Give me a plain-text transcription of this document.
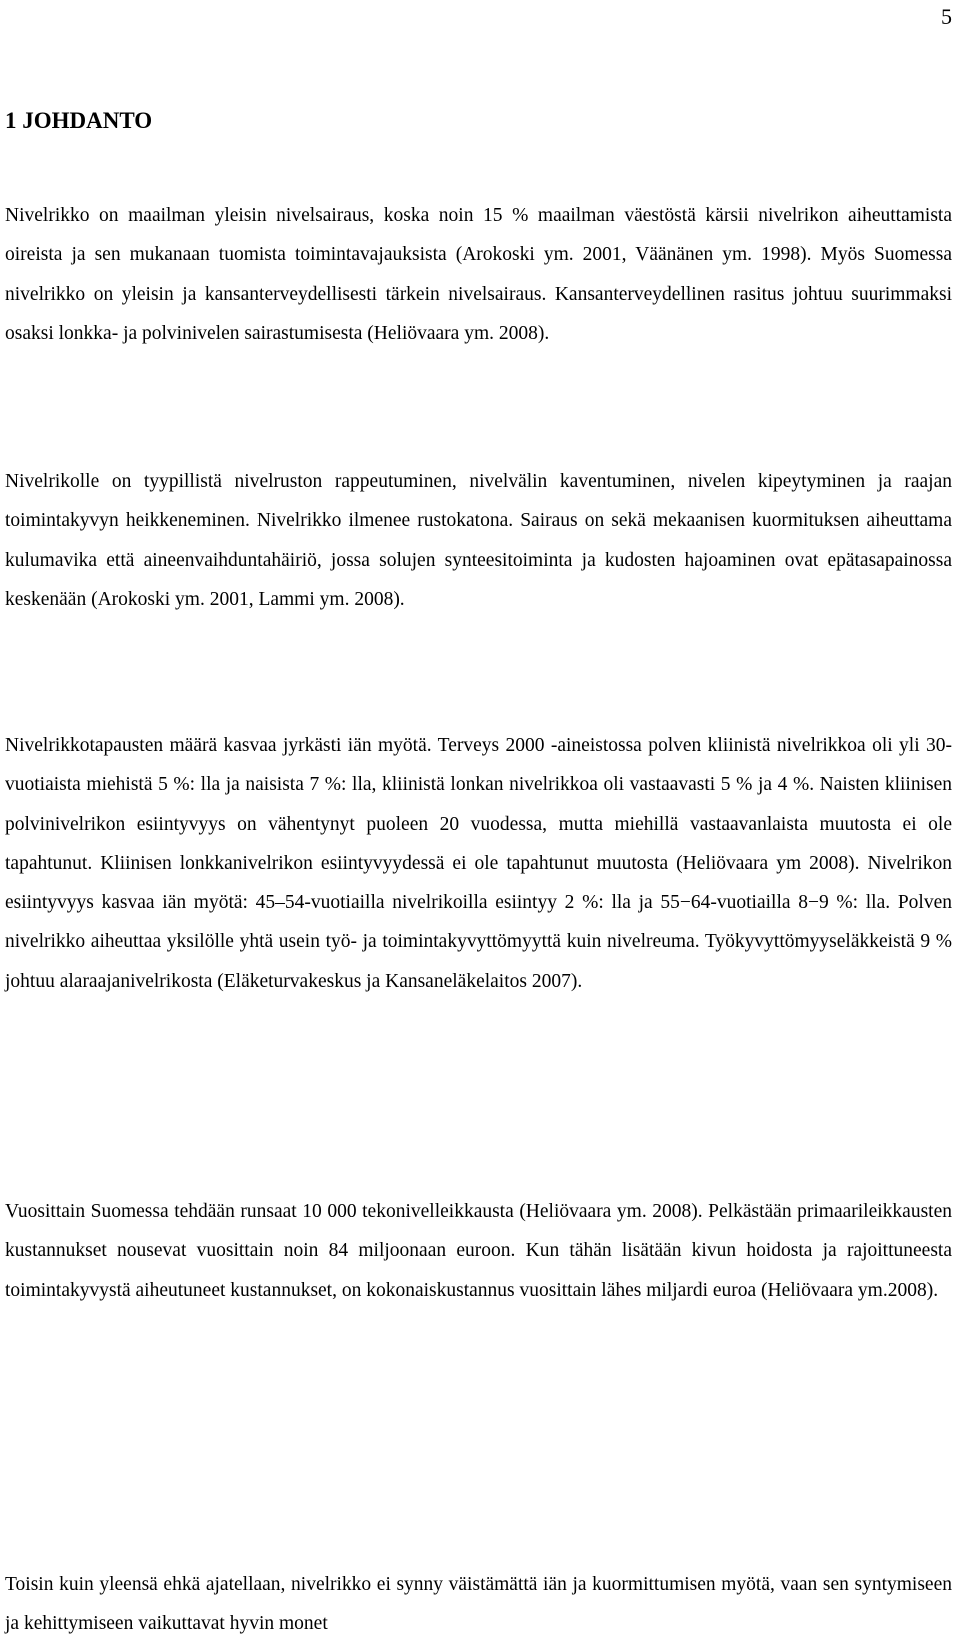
5
1 JOHDANTO

Nivelrikko on maailman yleisin nivelsairaus, koska noin 15 % maailman väestöstä kärsii nivelrikon aiheuttamista oireista ja sen mukanaan tuomista toimintavajauksista (Arokoski ym. 2001, Väänänen ym. 1998). Myös Suomessa nivelrikko on yleisin ja kansanterveydellisesti tärkein nivelsairaus. Kansanterveydellinen rasitus johtuu suurimmaksi osaksi lonkka- ja polvinivelen sairastumisesta (Heliövaara ym. 2008).

Nivelrikolle on tyypillistä nivelruston rappeutuminen, nivelvälin kaventuminen, nivelen kipeytyminen ja raajan toimintakyvyn heikkeneminen. Nivelrikko ilmenee rustokatona. Sairaus on sekä mekaanisen kuormituksen aiheuttama kulumavika että aineenvaihduntahäiriö, jossa solujen synteesitoiminta ja kudosten hajoaminen ovat epätasapainossa keskenään (Arokoski ym. 2001, Lammi ym. 2008).

Nivelrikkotapausten määrä kasvaa jyrkästi iän myötä. Terveys 2000 -aineistossa polven kliinistä nivelrikkoa oli yli 30-vuotiaista miehistä 5 %: lla ja naisista 7 %: lla, kliinistä lonkan nivelrikkoa oli vastaavasti 5 % ja 4 %. Naisten kliinisen polvinivelrikon esiintyvyys on vähentynyt puoleen 20 vuodessa, mutta miehillä vastaavanlaista muutosta ei ole tapahtunut. Kliinisen lonkkanivelrikon esiintyvyydessä ei ole tapahtunut muutosta (Heliövaara ym 2008). Nivelrikon esiintyvyys kasvaa iän myötä: 45–54-vuotiailla nivelrikoilla esiintyy 2 %: lla ja 55−64-vuotiailla 8−9 %: lla. Polven nivelrikko aiheuttaa yksilölle yhtä usein työ- ja toimintakyvyttömyyttä kuin nivelreuma. Työkyvyttömyyseläkkeistä 9 % johtuu alaraajanivelrikosta (Eläketurvakeskus ja Kansaneläkelaitos 2007).

Vuosittain Suomessa tehdään runsaat 10 000 tekonivelleikkausta (Heliövaara ym. 2008). Pelkästään primaarileikkausten kustannukset nousevat vuosittain noin 84 miljoonaan euroon. Kun tähän lisätään kivun hoidosta ja rajoittuneesta toimintakyvystä aiheutuneet kustannukset, on kokonaiskustannus vuosittain lähes miljardi euroa (Heliövaara ym.2008).

Toisin kuin yleensä ehkä ajatellaan, nivelrikko ei synny väistämättä iän ja kuormittumisen myötä, vaan sen syntymiseen ja kehittymiseen vaikuttavat hyvin monet
